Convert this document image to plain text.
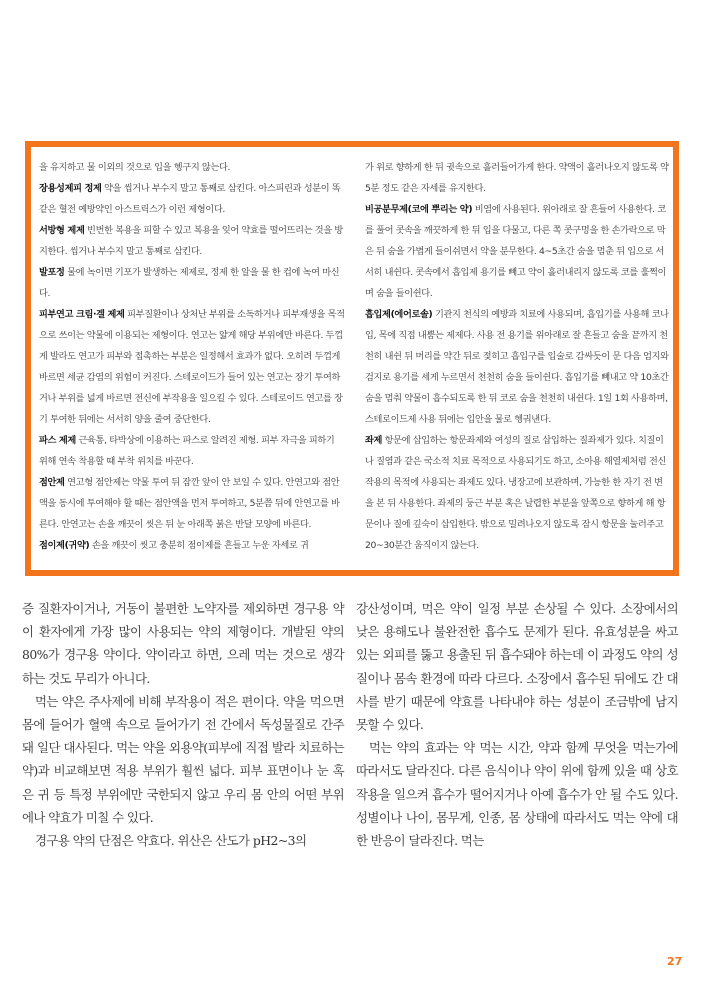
을 유지하고 물 이외의 것으로 입을 헹구지 않는다.

장용성제피 정제 약을 씹거나 부수지 말고 통째로 삼킨다. 아스피린과 성분이 똑같은 혈전 예방약인 아스트릭스가 이런 제형이다.

서방형 제제 빈번한 복용을 피할 수 있고 복용을 잊어 약효를 떨어뜨리는 것을 방지한다. 씹거나 부수지 말고 통째로 삼킨다.

발포정 물에 녹이면 기포가 발생하는 제제로, 정제 한 알을 물 한 컵에 녹여 마신다.

피부연고 크림·겔 제제 피부질환이나 상처난 부위를 소독하거나 피부재생을 목적으로 쓰이는 약물에 이용되는 제형이다. 연고는 얇게 해당 부위에만 바른다. 두껍게 발라도 연고가 피부와 접촉하는 부분은 일정해서 효과가 없다. 오히려 두껍게 바르면 세균 감염의 위험이 커진다. 스테로이드가 들어 있는 연고는 장기 투여하거나 부위를 넓게 바르면 전신에 부작용을 일으킬 수 있다. 스테로이드 연고를 장기 투여한 뒤에는 서서히 양을 줄여 중단한다.

파스 제제 근육통, 타박상에 이용하는 파스로 알려진 제형. 피부 자극을 피하기 위해 연속 착용할 때 부착 위치를 바꾼다.

점안제 연고형 점안제는 약물 투여 뒤 잠깐 앞이 안 보일 수 있다. 안연고와 점안액을 동시에 투여해야 할 때는 점안액을 먼저 투여하고, 5분쯤 뒤에 안연고를 바른다. 안연고는 손을 깨끗이 씻은 뒤 눈 아래쪽 붉은 반달 모양에 바른다.

점이제(귀약) 손을 깨끗이 씻고 충분히 점이제를 흔들고 누운 자세로 귀

가 위로 향하게 한 뒤 귓속으로 흘러들어가게 한다. 약액이 흘러나오지 않도록 약 5분 정도 같은 자세를 유지한다.

비공분무제(코에 뿌리는 약) 비염에 사용된다. 위아래로 잘 흔들어 사용한다. 코를 풀어 콧속을 깨끗하게 한 뒤 입을 다물고, 다른 쪽 콧구멍을 한 손가락으로 막은 뒤 숨을 가볍게 들이쉬면서 약을 분무한다. 4~5초간 숨을 멈춘 뒤 입으로 서서히 내쉰다. 콧속에서 흡입제 용기를 빼고 약이 흘러내리지 않도록 코를 훌쩍이며 숨을 들이쉰다.

흡입제(에어로솔) 기관지 천식의 예방과 치료에 사용되며, 흡입기를 사용해 코나 입, 목에 직접 내뿜는 제제다. 사용 전 용기를 위아래로 잘 흔들고 숨을 끝까지 천천히 내쉰 뒤 머리를 약간 뒤로 젖히고 흡입구를 입술로 감싸듯이 문 다음 엄지와 검지로 용기를 세게 누르면서 천천히 숨을 들이쉰다. 흡입기를 빼내고 약 10초간 숨을 멈춰 약물이 흡수되도록 한 뒤 코로 숨을 천천히 내쉰다. 1일 1회 사용하며, 스테로이드제 사용 뒤에는 입안을 물로 헹궈낸다.

좌제 항문에 삽입하는 항문좌제와 여성의 질로 삽입하는 질좌제가 있다. 치질이나 질염과 같은 국소적 치료 목적으로 사용되기도 하고, 소아용 해열제처럼 전신 작용의 목적에 사용되는 좌제도 있다. 냉장고에 보관하며, 가능한 한 자기 전 변을 본 뒤 사용한다. 좌제의 둥근 부분 혹은 날렵한 부분을 앞쪽으로 향하게 해 항문이나 질에 깊숙이 삽입한다. 밖으로 밀려나오지 않도록 잠시 항문을 눌러주고 20~30분간 움직이지 않는다.

증 질환자이거나, 거동이 불편한 노약자를 제외하면 경구용 약이 환자에게 가장 많이 사용되는 약의 제형이다. 개발된 약의 80%가 경구용 약이다. 약이라고 하면, 으레 먹는 것으로 생각하는 것도 무리가 아니다.

먹는 약은 주사제에 비해 부작용이 적은 편이다. 약을 먹으면 몸에 들어가 혈액 속으로 들어가기 전 간에서 독성물질로 간주돼 일단 대사된다. 먹는 약을 외용약(피부에 직접 발라 치료하는 약)과 비교해보면 적용 부위가 훨씬 넓다. 피부 표면이나 눈 혹은 귀 등 특정 부위에만 국한되지 않고 우리 몸 안의 어떤 부위에나 약효가 미칠 수 있다.

경구용 약의 단점은 약효다. 위산은 산도가 pH2~3의

강산성이며, 먹은 약이 일정 부분 손상될 수 있다. 소장에서의 낮은 용해도나 불완전한 흡수도 문제가 된다. 유효성분을 싸고 있는 외피를 뚫고 용출된 뒤 흡수돼야 하는데 이 과정도 약의 성질이나 몸속 환경에 따라 다르다. 소장에서 흡수된 뒤에도 간 대사를 받기 때문에 약효를 나타내야 하는 성분이 조금밖에 남지 못할 수 있다.

먹는 약의 효과는 약 먹는 시간, 약과 함께 무엇을 먹는가에 따라서도 달라진다. 다른 음식이나 약이 위에 함께 있을 때 상호작용을 일으켜 흡수가 떨어지거나 아예 흡수가 안 될 수도 있다. 성별이나 나이, 몸무게, 인종, 몸 상태에 따라서도 먹는 약에 대한 반응이 달라진다. 먹는

27
